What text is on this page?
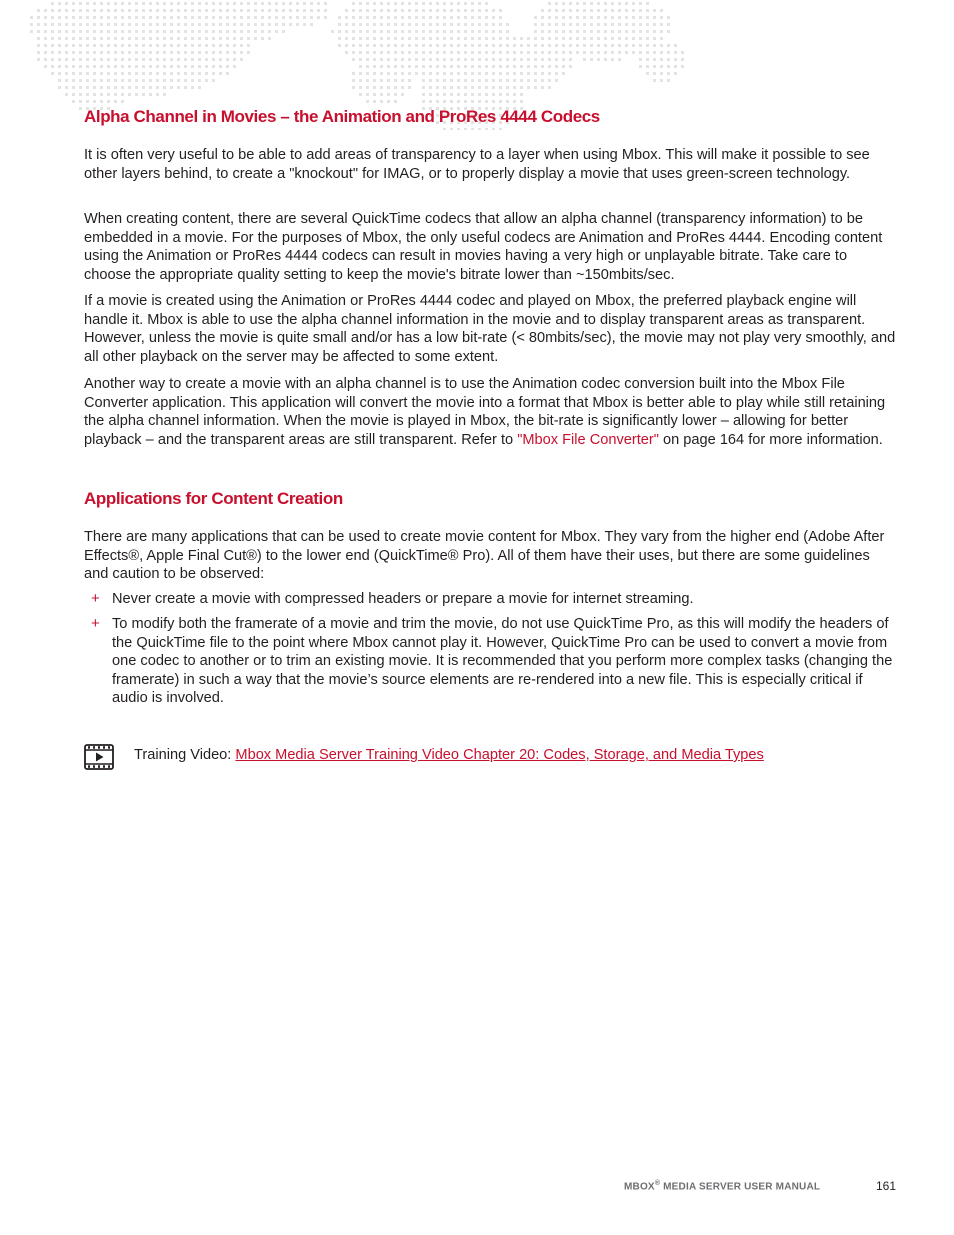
Alpha Channel in Movies – the Animation and ProRes 4444 Codecs

It is often very useful to be able to add areas of transparency to a layer when using Mbox. This will make it possible to see other layers behind, to create a "knockout" for IMAG, or to properly display a movie that uses green-screen technology.

When creating content, there are several QuickTime codecs that allow an alpha channel (transparency information) to be embedded in a movie. For the purposes of Mbox, the only useful codecs are Animation and ProRes 4444. Encoding content using the Animation or ProRes 4444 codecs can result in movies having a very high or unplayable bitrate. Take care to choose the appropriate quality setting to keep the movie's bitrate lower than ~150mbits/sec.

If a movie is created using the Animation or ProRes 4444 codec and played on Mbox, the preferred playback engine will handle it. Mbox is able to use the alpha channel information in the movie and to display transparent areas as transparent. However, unless the movie is quite small and/or has a low bit-rate (< 80mbits/sec), the movie may not play very smoothly, and all other playback on the server may be affected to some extent.

Another way to create a movie with an alpha channel is to use the Animation codec conversion built into the Mbox File Converter application. This application will convert the movie into a format that Mbox is better able to play while still retaining the alpha channel information. When the movie is played in Mbox, the bit-rate is significantly lower – allowing for better playback – and the transparent areas are still transparent. Refer to "Mbox File Converter" on page 164 for more information.

Applications for Content Creation

There are many applications that can be used to create movie content for Mbox. They vary from the higher end (Adobe After Effects®, Apple Final Cut®) to the lower end (QuickTime® Pro). All of them have their uses, but there are some guidelines and caution to be observed:

+ Never create a movie with compressed headers or prepare a movie for internet streaming.
+ To modify both the framerate of a movie and trim the movie, do not use QuickTime Pro, as this will modify the headers of the QuickTime file to the point where Mbox cannot play it. However, QuickTime Pro can be used to convert a movie from one codec to another or to trim an existing movie. It is recommended that you perform more complex tasks (changing the framerate) in such a way that the movie’s source elements are re-rendered into a new file. This is especially critical if audio is involved.
Training Video: Mbox Media Server Training Video Chapter 20: Codes, Storage, and Media Types
MBOX® MEDIA SERVER USER MANUAL	161
